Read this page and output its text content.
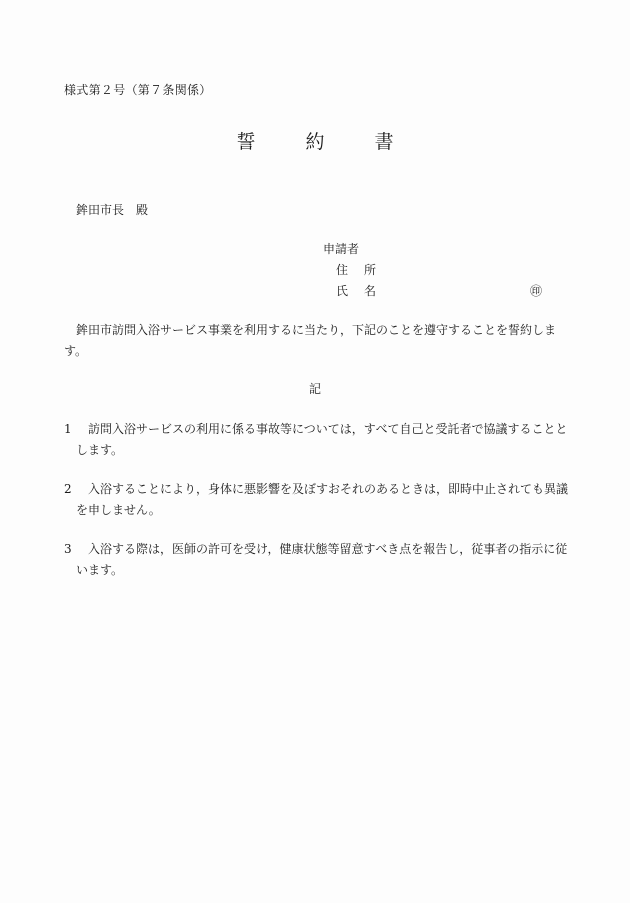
様式第２号（第７条関係）
誓	約	書
鉾田市長　殿
申請者
住 所
氏 名	㊞
鉾田市訪問入浴サービス事業を利用するに当たり，下記のことを遵守することを誓約します。
記
1	訪問入浴サービスの利用に係る事故等については，すべて自己と受託者で協議することとします。
2	入浴することにより，身体に悪影響を及ぼすおそれのあるときは，即時中止されても異議を申しません。
3	入浴する際は，医師の許可を受け，健康状態等留意すべき点を報告し，従事者の指示に従います。
